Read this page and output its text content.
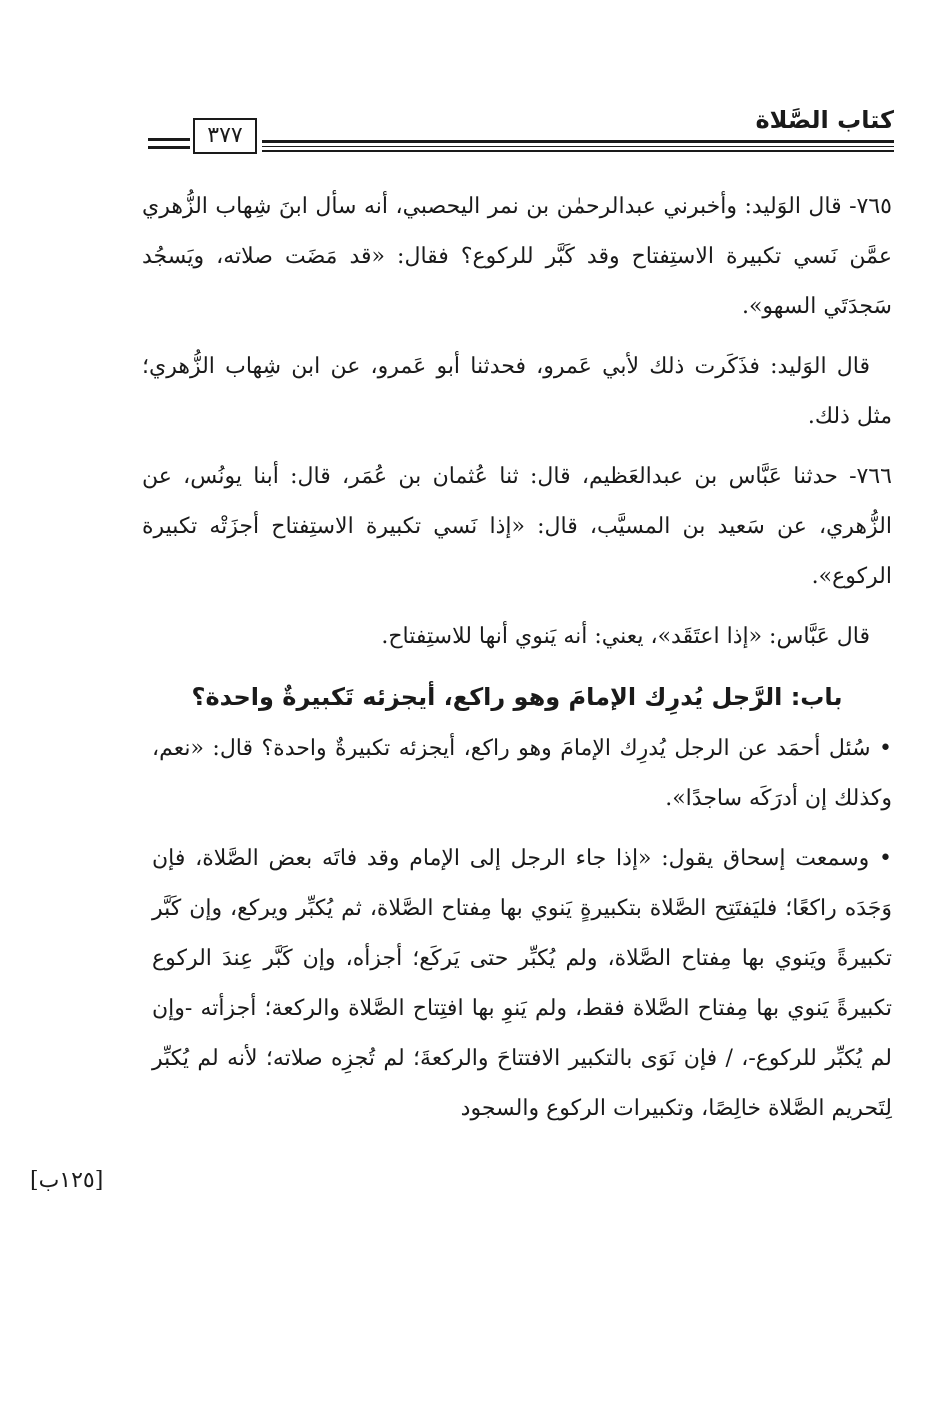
كتاب الصَّلاة
٣٧٧

٧٦٥- قال الوَليد: وأخبرني عبدالرحمٰن بن نمر اليحصبي، أنه سأل ابنَ شِهاب الزُّهري عمَّن نَسي تكبيرة الاستِفتاح وقد كَبَّر للركوع؟ فقال: «قد مَضَت صلاته، ويَسجُد سَجدَتَي السهو».

قال الوَليد: فذَكَرت ذلك لأبي عَمرو، فحدثنا أبو عَمرو، عن ابن شِهاب الزُّهري؛ مثل ذلك.

٧٦٦- حدثنا عَبَّاس بن عبدالعَظيم، قال: ثنا عُثمان بن عُمَر، قال: أبنا يونُس، عن الزُّهري، عن سَعيد بن المسيَّب، قال: «إذا نَسي تكبيرة الاستِفتاح أجزَتْه تكبيرة الركوع».

قال عَبَّاس: «إذا اعتَقَد»، يعني: أنه يَنوي أنها للاستِفتاح.

باب: الرَّجل يُدرِك الإمامَ وهو راكع، أيجزئه تَكبيرةٌ واحدة؟

• سُئل أحمَد عن الرجل يُدرِك الإمامَ وهو راكع، أيجزئه تكبيرةٌ واحدة؟ قال: «نعم، وكذلك إن أدرَكَه ساجدًا».

• وسمعت إسحاق يقول: «إذا جاء الرجل إلى الإمام وقد فاتَه بعض الصَّلاة، فإن وَجَدَه راكعًا؛ فليَفتَتِح الصَّلاة بتكبيرةٍ يَنوي بها مِفتاح الصَّلاة، ثم يُكبِّر ويركع، وإن كَبَّر تكبيرةً ويَنوي بها مِفتاح الصَّلاة، ولم يُكبِّر حتى يَركَع؛ أجزأه، وإن كَبَّر عِندَ الركوع تكبيرةً يَنوي بها مِفتاح الصَّلاة فقط، ولم يَنوِ بها افتِتاح الصَّلاة والركعة؛ أجزأته -وإن لم يُكبِّر للركوع-، / فإن نَوَى بالتكبير الافتتاحَ والركعةَ؛ لم تُجزِه صلاته؛ لأنه لم يُكبِّر لِتَحريم الصَّلاة خالِصًا، وتكبيرات الركوع والسجود

[١٢٥ب]
